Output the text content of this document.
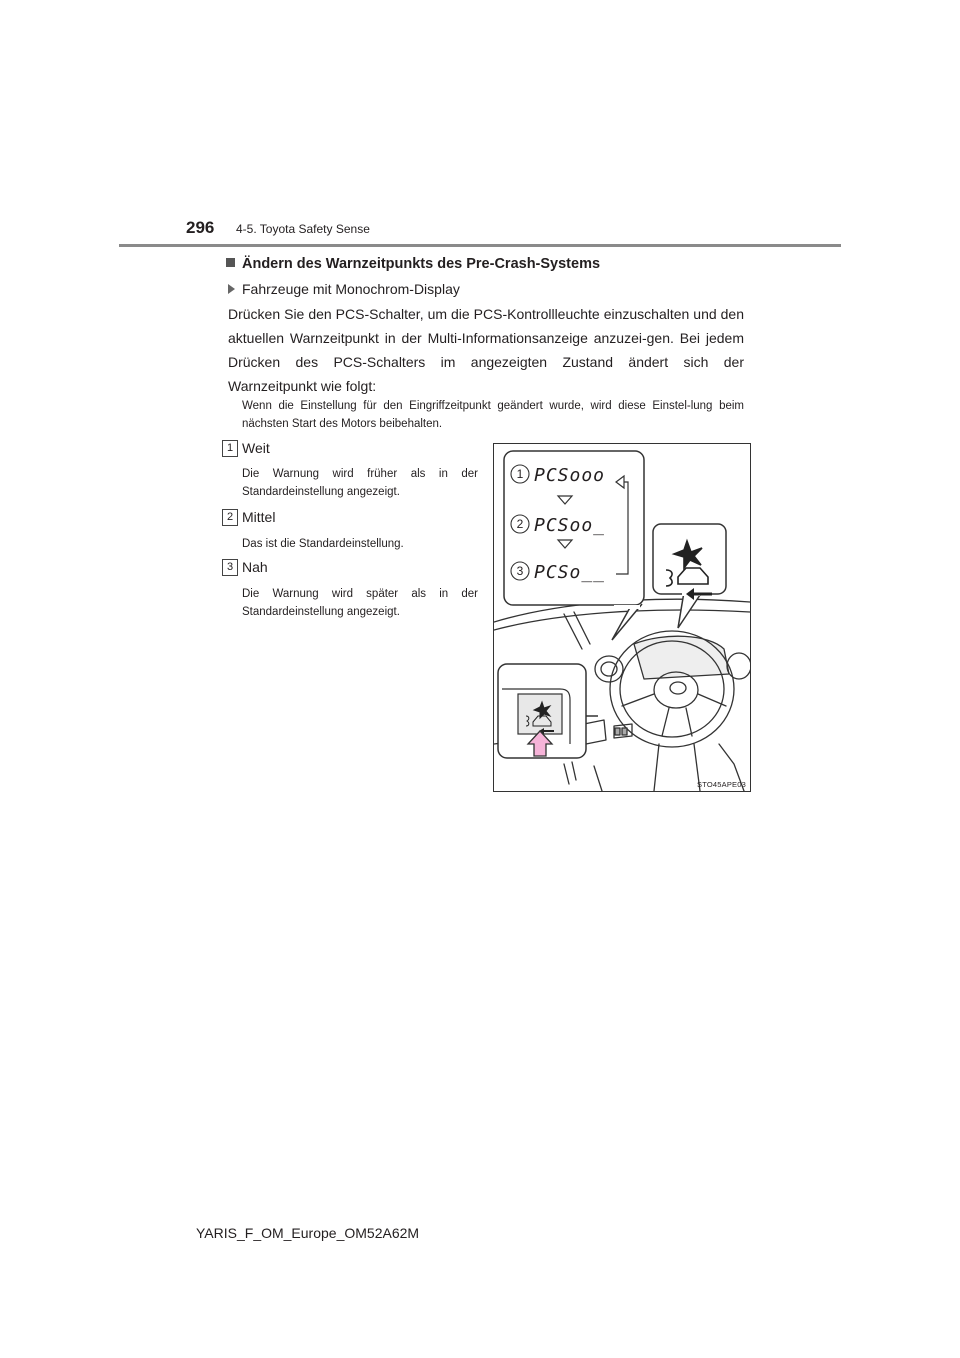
296 4-5. Toyota Safety Sense
Ändern des Warnzeitpunkts des Pre-Crash-Systems
Fahrzeuge mit Monochrom-Display
Drücken Sie den PCS-Schalter, um die PCS-Kontrollleuchte einzuschalten und den aktuellen Warnzeitpunkt in der Multi-Informationsanzeige anzuzei-gen. Bei jedem Drücken des PCS-Schalters im angezeigten Zustand ändert sich der Warnzeitpunkt wie folgt:
Wenn die Einstellung für den Eingriffzeitpunkt geändert wurde, wird diese Einstel-lung beim nächsten Start des Motors beibehalten.
1 Weit
Die Warnung wird früher als in der Standardeinstellung angezeigt.
2 Mittel
Das ist die Standardeinstellung.
3 Nah
Die Warnung wird später als in der Standardeinstellung angezeigt.
1
2
3
PCSooo
PCSoo_
PCSo__
STO45APE03
YARIS_F_OM_Europe_OM52A62M
